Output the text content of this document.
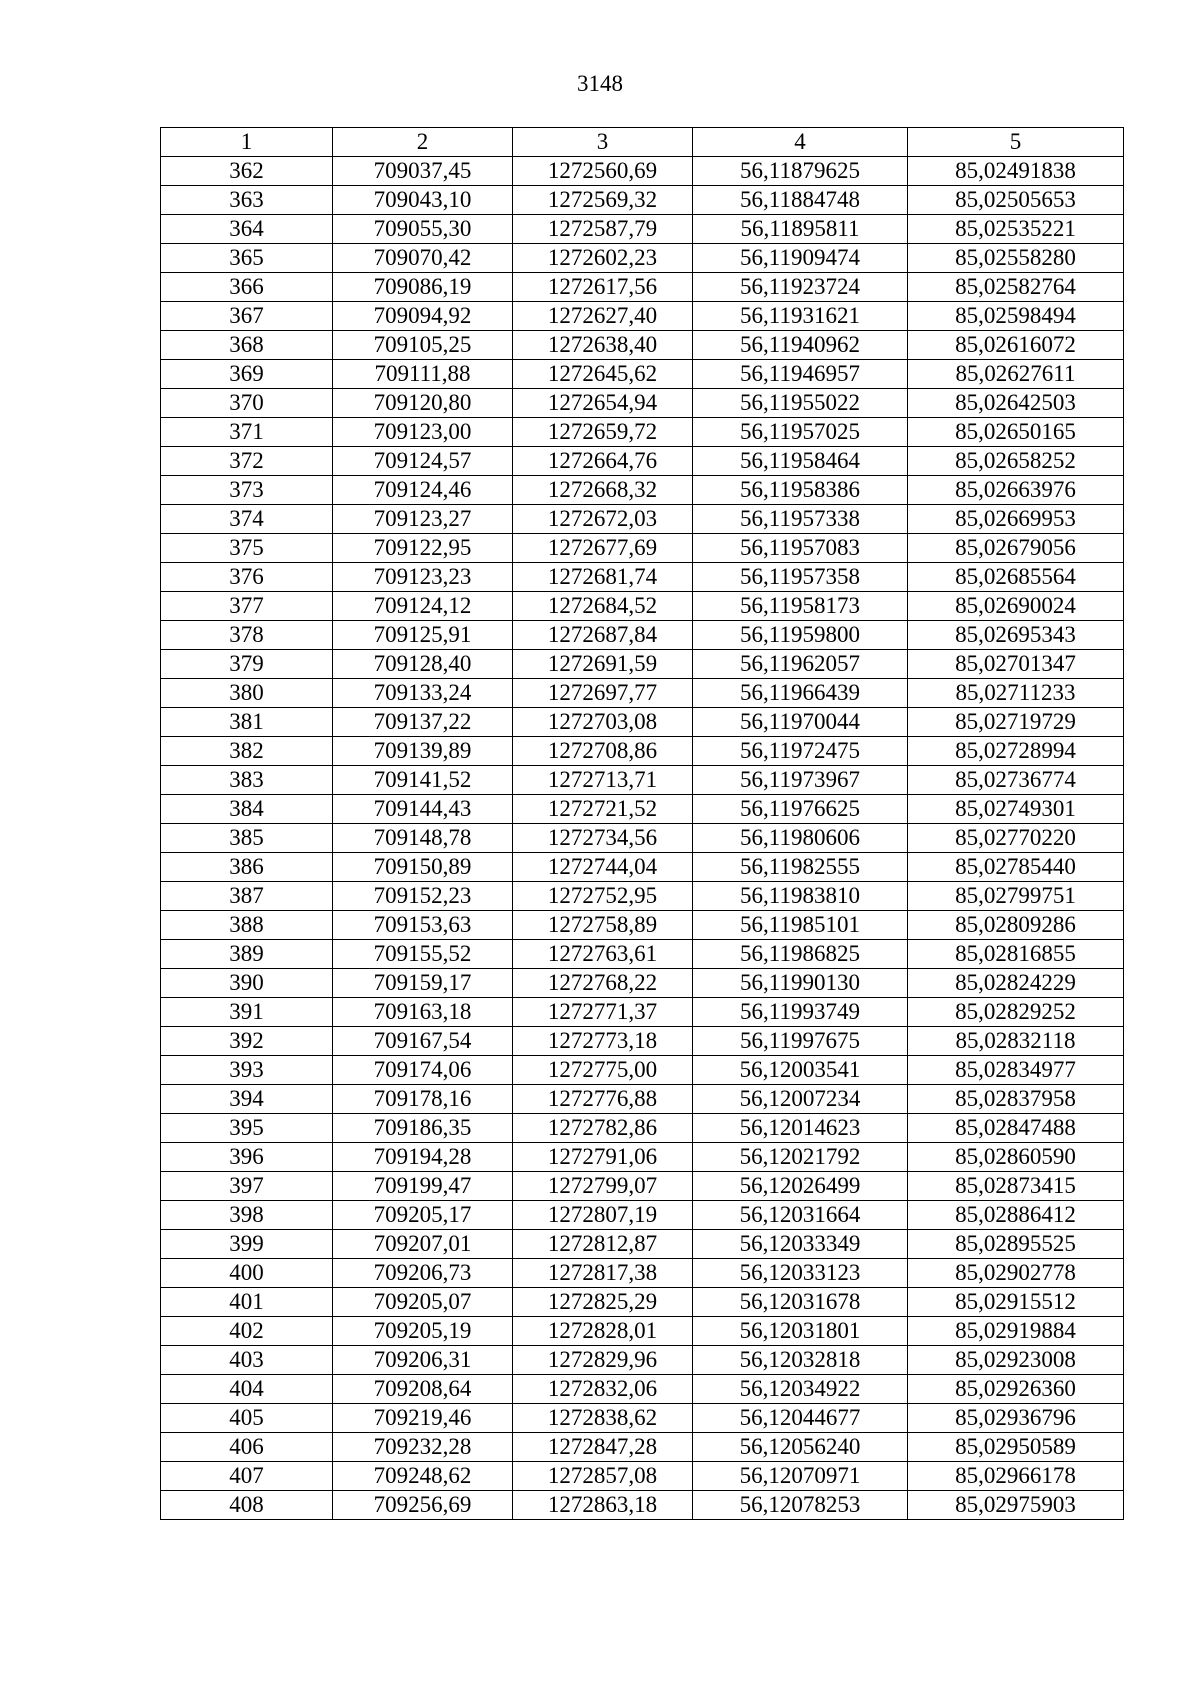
3148
1	2	3	4	5
362	709037,45	1272560,69	56,11879625	85,02491838
363	709043,10	1272569,32	56,11884748	85,02505653
364	709055,30	1272587,79	56,11895811	85,02535221
365	709070,42	1272602,23	56,11909474	85,02558280
366	709086,19	1272617,56	56,11923724	85,02582764
367	709094,92	1272627,40	56,11931621	85,02598494
368	709105,25	1272638,40	56,11940962	85,02616072
369	709111,88	1272645,62	56,11946957	85,02627611
370	709120,80	1272654,94	56,11955022	85,02642503
371	709123,00	1272659,72	56,11957025	85,02650165
372	709124,57	1272664,76	56,11958464	85,02658252
373	709124,46	1272668,32	56,11958386	85,02663976
374	709123,27	1272672,03	56,11957338	85,02669953
375	709122,95	1272677,69	56,11957083	85,02679056
376	709123,23	1272681,74	56,11957358	85,02685564
377	709124,12	1272684,52	56,11958173	85,02690024
378	709125,91	1272687,84	56,11959800	85,02695343
379	709128,40	1272691,59	56,11962057	85,02701347
380	709133,24	1272697,77	56,11966439	85,02711233
381	709137,22	1272703,08	56,11970044	85,02719729
382	709139,89	1272708,86	56,11972475	85,02728994
383	709141,52	1272713,71	56,11973967	85,02736774
384	709144,43	1272721,52	56,11976625	85,02749301
385	709148,78	1272734,56	56,11980606	85,02770220
386	709150,89	1272744,04	56,11982555	85,02785440
387	709152,23	1272752,95	56,11983810	85,02799751
388	709153,63	1272758,89	56,11985101	85,02809286
389	709155,52	1272763,61	56,11986825	85,02816855
390	709159,17	1272768,22	56,11990130	85,02824229
391	709163,18	1272771,37	56,11993749	85,02829252
392	709167,54	1272773,18	56,11997675	85,02832118
393	709174,06	1272775,00	56,12003541	85,02834977
394	709178,16	1272776,88	56,12007234	85,02837958
395	709186,35	1272782,86	56,12014623	85,02847488
396	709194,28	1272791,06	56,12021792	85,02860590
397	709199,47	1272799,07	56,12026499	85,02873415
398	709205,17	1272807,19	56,12031664	85,02886412
399	709207,01	1272812,87	56,12033349	85,02895525
400	709206,73	1272817,38	56,12033123	85,02902778
401	709205,07	1272825,29	56,12031678	85,02915512
402	709205,19	1272828,01	56,12031801	85,02919884
403	709206,31	1272829,96	56,12032818	85,02923008
404	709208,64	1272832,06	56,12034922	85,02926360
405	709219,46	1272838,62	56,12044677	85,02936796
406	709232,28	1272847,28	56,12056240	85,02950589
407	709248,62	1272857,08	56,12070971	85,02966178
408	709256,69	1272863,18	56,12078253	85,02975903
